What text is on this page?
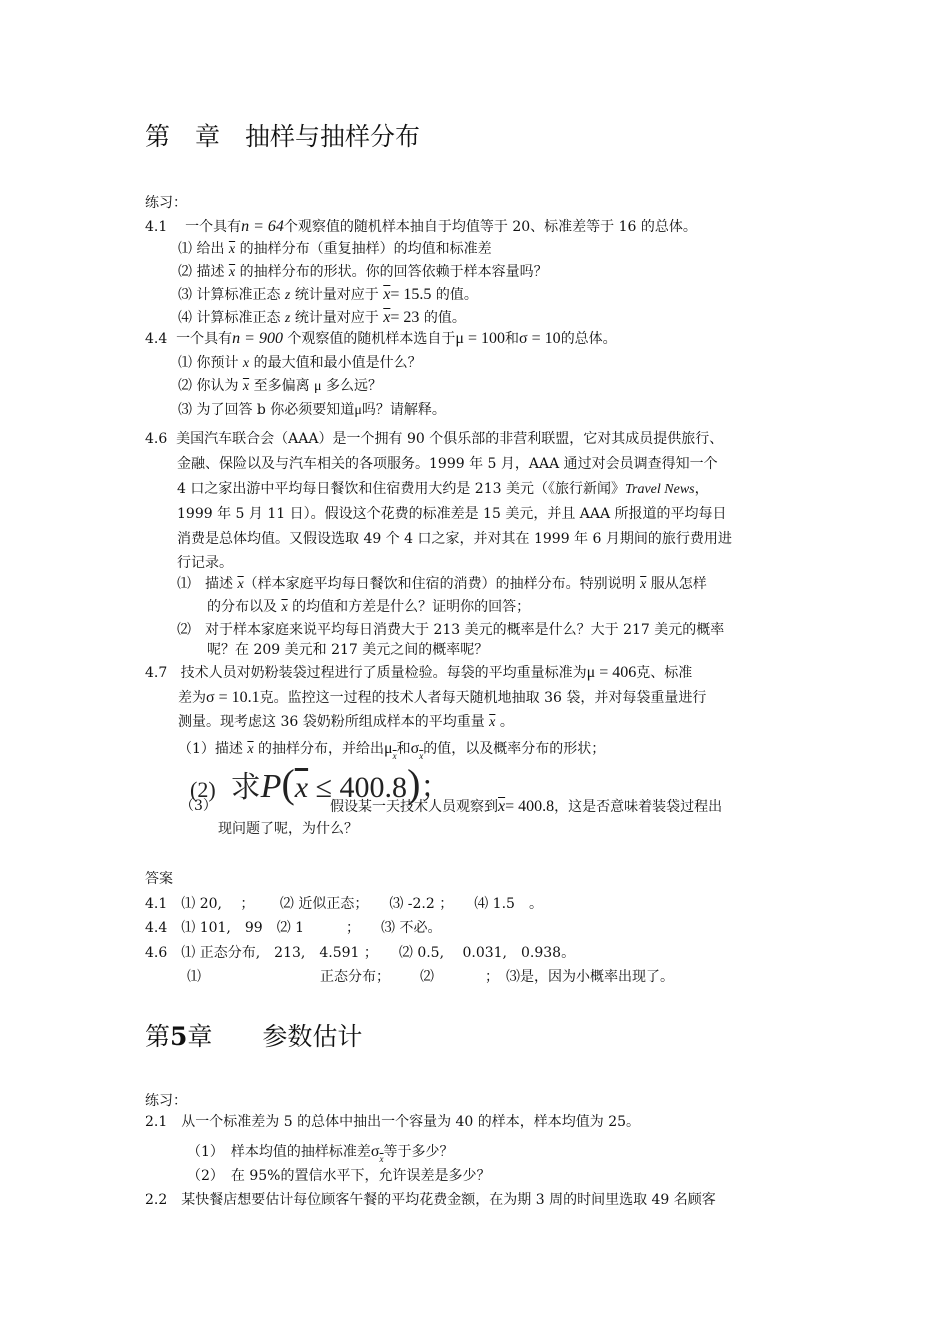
第　章　抽样与抽样分布
练习：
4.1 一个具有n = 64个观察值的随机样本抽自于均值等于 20、标准差等于 16 的总体。
⑴ 给出 $\overline{x}$ 的抽样分布（重复抽样）的均值和标准差
⑵ 描述 $\overline{x}$ 的抽样分布的形状。你的回答依赖于样本容量吗？
⑶ 计算标准正态 z 统计量对应于 $\overline{x}= 15.5$ 的值。
⑷ 计算标准正态 z 统计量对应于 $\overline{x}= 23$ 的值。
4.4 一个具有n = 900 个观察值的随机样本选自于μ = 100和σ = 10的总体。
⑴ 你预计 x 的最大值和最小值是什么？
⑵ 你认为 $\overline{x}$ 至多偏离 μ 多么远？
⑶ 为了回答 b 你必须要知道μ吗？请解释。
4.6 美国汽车联合会（AAA）是一个拥有 90 个俱乐部的非营利联盟，它对其成员提供旅行、
金融、保险以及与汽车相关的各项服务。1999 年 5 月，AAA 通过对会员调查得知一个
4 口之家出游中平均每日餐饮和住宿费用大约是 213 美元（《旅行新闻》Travel News，
1999 年 5 月 11 日）。假设这个花费的标准差是 15 美元，并且 AAA 所报道的平均每日
消费是总体均值。又假设选取 49 个 4 口之家，并对其在 1999 年 6 月期间的旅行费用进
行记录。
⑴　描述 $\overline{x}$（样本家庭平均每日餐饮和住宿的消费）的抽样分布。特别说明 $\overline{x}$ 服从怎样
的分布以及 $\overline{x}$ 的均值和方差是什么？证明你的回答；
⑵　对于样本家庭来说平均每日消费大于 213 美元的概率是什么？大于 217 美元的概率
呢？在 209 美元和 217 美元之间的概率呢？
4.7 技术人员对奶粉装袋过程进行了质量检验。每袋的平均重量标准为μ = 406克、标准
差为σ = 10.1克。监控这一过程的技术人者每天随机地抽取 36 袋，并对每袋重量进行
测量。现考虑这 36 袋奶粉所组成样本的平均重量 $\overline{x}$ 。
（1）描述 $\overline{x}$ 的抽样分布，并给出$\mu_{\overline{x}}$和$\sigma_{\overline{x}}$的值，以及概率分布的形状；
(2) 求$P(\overline{x} \le 400.8)$；
（3）	假设某一天技术人员观察到$\overline{x}= 400.8$，这是否意味着装袋过程出
现问题了呢，为什么？
答案
4.1　⑴ 20,　 ；　　 ⑵ 近似正态；　　⑶ -2.2 ；　　⑷ 1.5　。
4.4　⑴ 101,　99　⑵ 1　　　；　　⑶ 不必。
4.6　⑴ 正态分布,　213,　4.591 ；　　⑵ 0.5,　 0.031,　0.938。
⑴	正态分布； ⑵	；　⑶是，因为小概率出现了。
第5章　　参数估计
练习：
2.1　从一个标准差为 5 的总体中抽出一个容量为 40 的样本，样本均值为 25。
（1）　样本均值的抽样标准差$\sigma_{\overline{x}}$等于多少？
（2）　在 95%的置信水平下，允许误差是多少？
2.2　某快餐店想要估计每位顾客午餐的平均花费金额，在为期 3 周的时间里选取 49 名顾客
